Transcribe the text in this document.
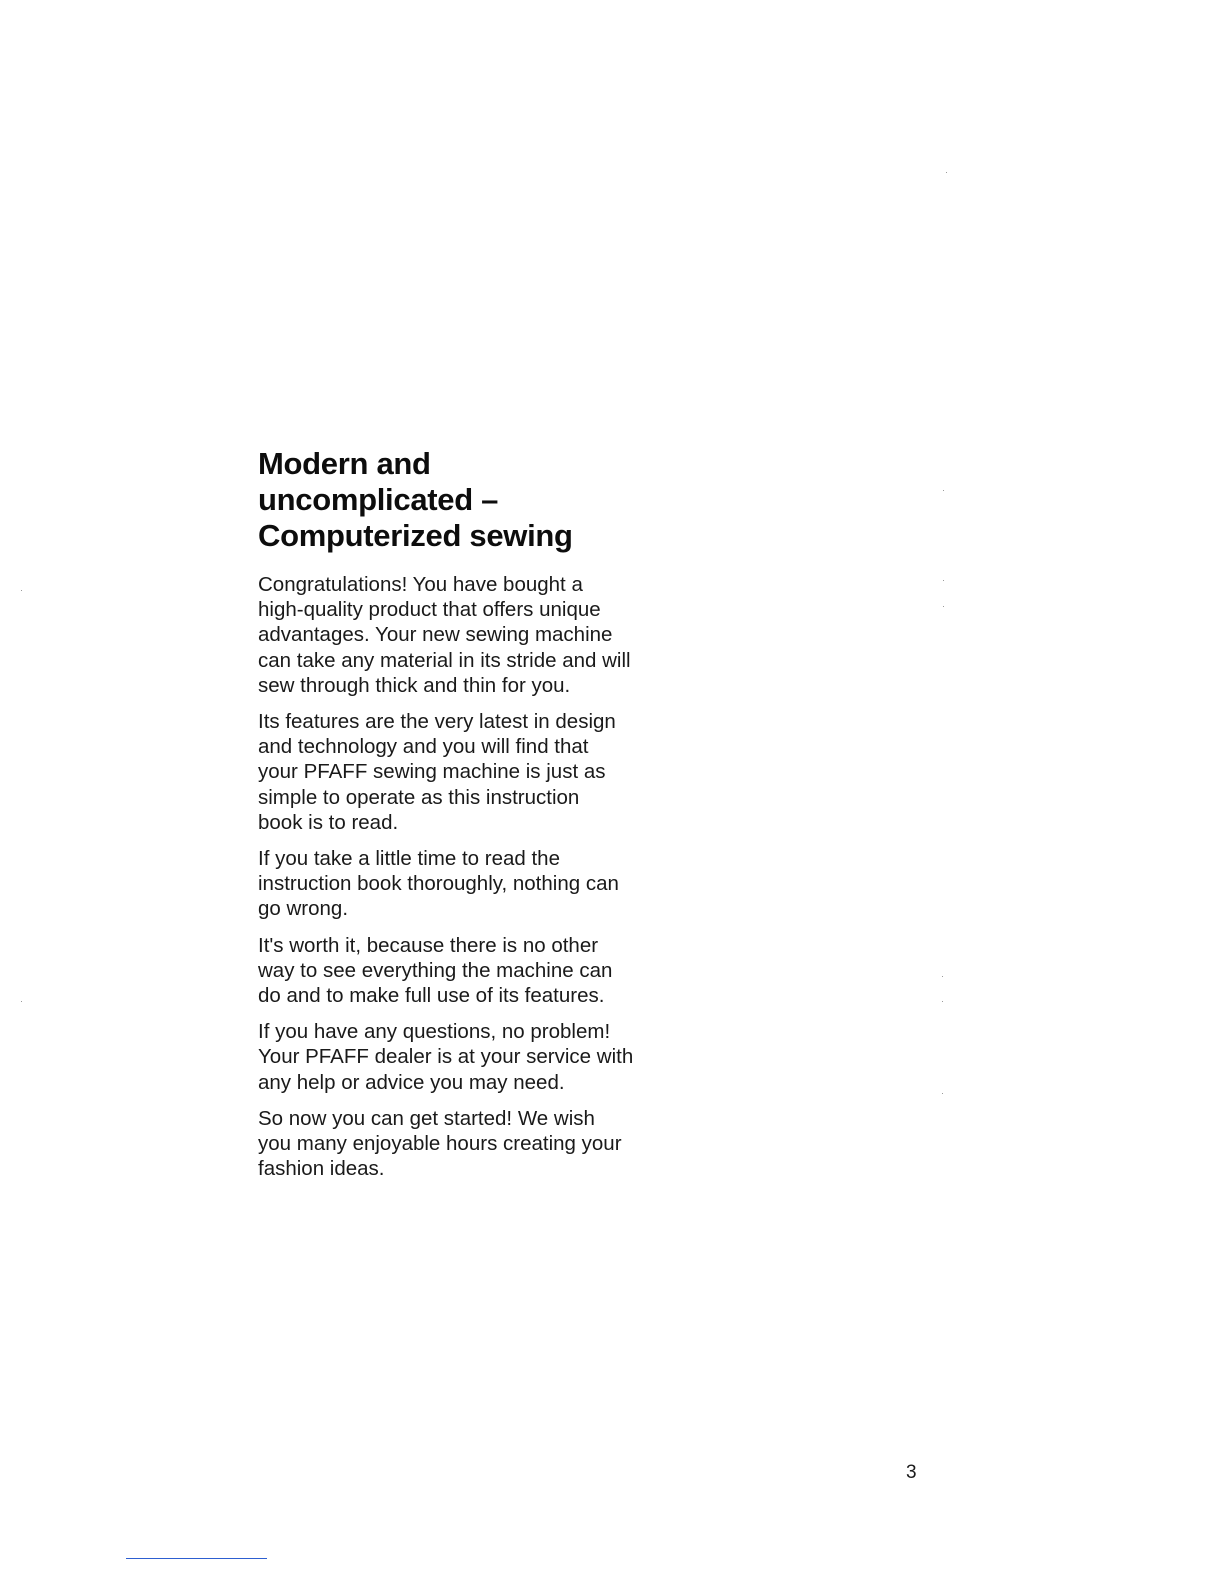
Modern and
uncomplicated –
Computerized sewing

Congratulations! You have bought a
high-quality product that offers unique
advantages. Your new sewing machine
can take any material in its stride and will
sew through thick and thin for you.

Its features are the very latest in design
and technology and you will find that
your PFAFF sewing machine is just as
simple to operate as this instruction
book is to read.

If you take a little time to read the
instruction book thoroughly, nothing can
go wrong.

It's worth it, because there is no other
way to see everything the machine can
do and to make full use of its features.

If you have any questions, no problem!
Your PFAFF dealer is at your service with
any help or advice you may need.

So now you can get started! We wish
you many enjoyable hours creating your
fashion ideas.

3
